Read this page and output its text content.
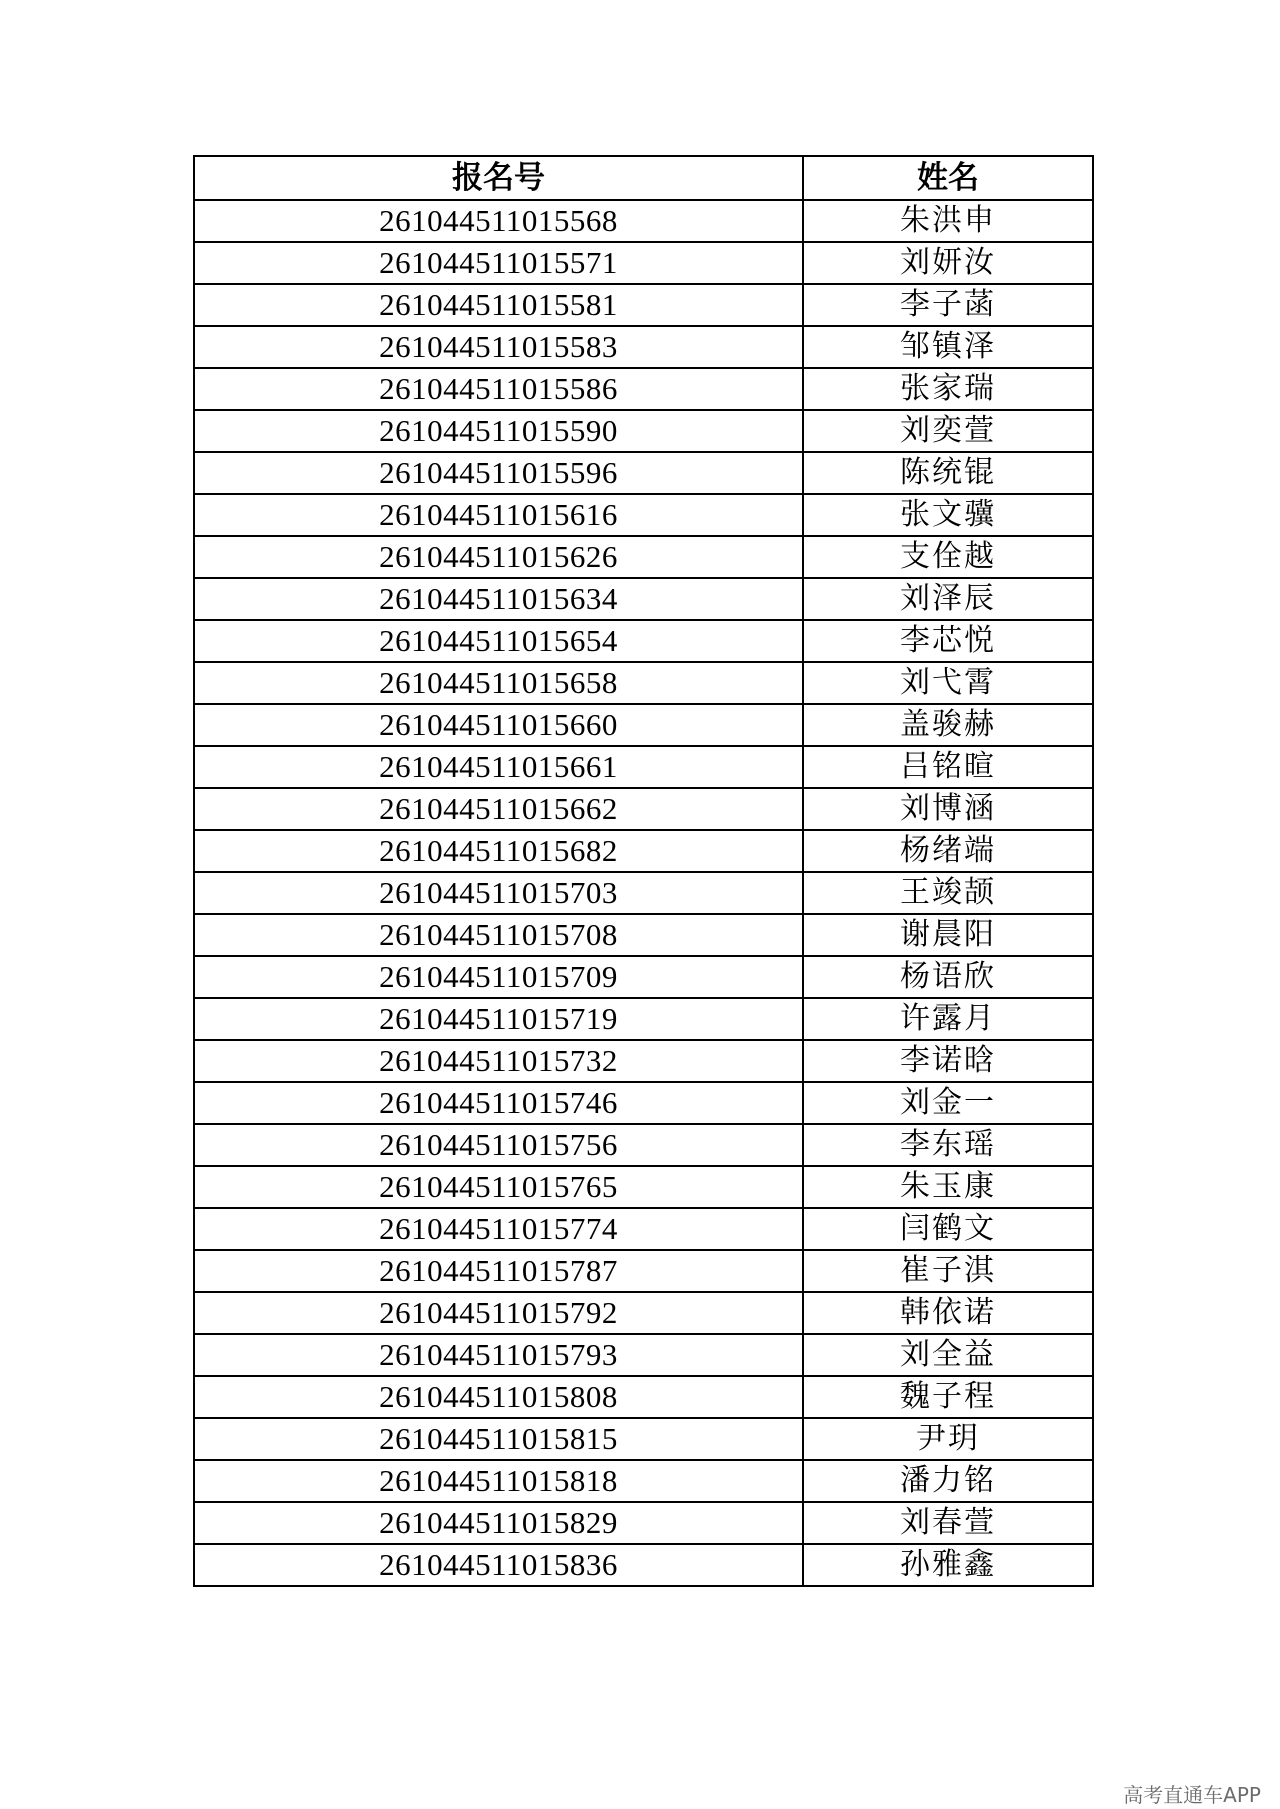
报名号	姓名
261044511015568	朱洪申
261044511015571	刘妍汝
261044511015581	李子菡
261044511015583	邹镇泽
261044511015586	张家瑞
261044511015590	刘奕萱
261044511015596	陈统锟
261044511015616	张文骥
261044511015626	支佺越
261044511015634	刘泽辰
261044511015654	李芯悦
261044511015658	刘弋霄
261044511015660	盖骏赫
261044511015661	吕铭暄
261044511015662	刘博涵
261044511015682	杨绪端
261044511015703	王竣颉
261044511015708	谢晨阳
261044511015709	杨语欣
261044511015719	许露月
261044511015732	李诺晗
261044511015746	刘金一
261044511015756	李东瑶
261044511015765	朱玉康
261044511015774	闫鹤文
261044511015787	崔子淇
261044511015792	韩依诺
261044511015793	刘全益
261044511015808	魏子程
261044511015815	尹玥
261044511015818	潘力铭
261044511015829	刘春萱
261044511015836	孙雅鑫
高考直通车APP
